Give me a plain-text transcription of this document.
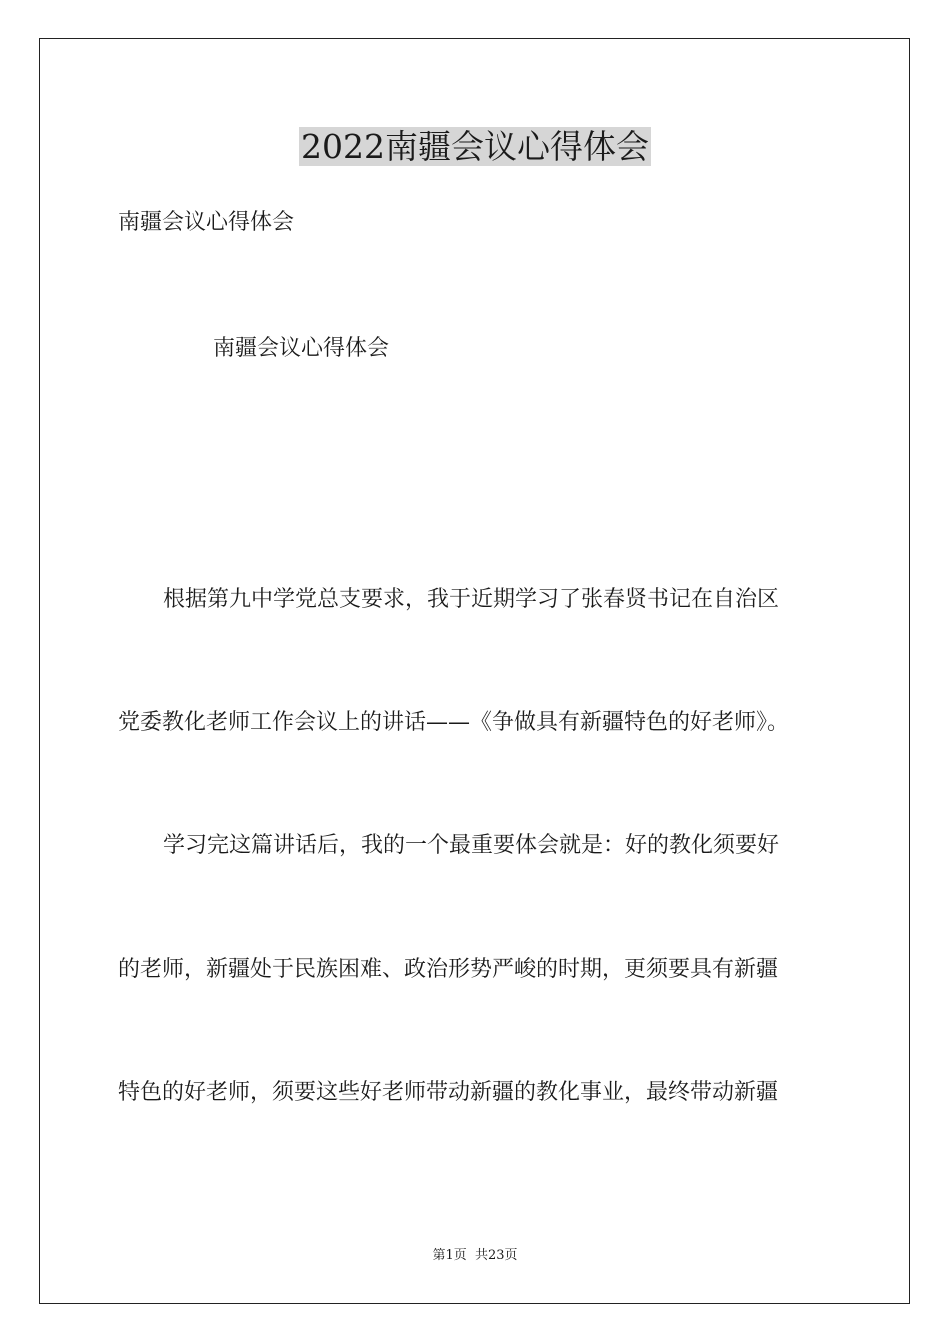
2022南疆会议心得体会
南疆会议心得体会
南疆会议心得体会
根据第九中学党总支要求，我于近期学习了张春贤书记在自治区
党委教化老师工作会议上的讲话——《争做具有新疆特色的好老师》。
学习完这篇讲话后，我的一个最重要体会就是：好的教化须要好
的老师，新疆处于民族困难、政治形势严峻的时期，更须要具有新疆
特色的好老师，须要这些好老师带动新疆的教化事业，最终带动新疆
第1页  共23页
